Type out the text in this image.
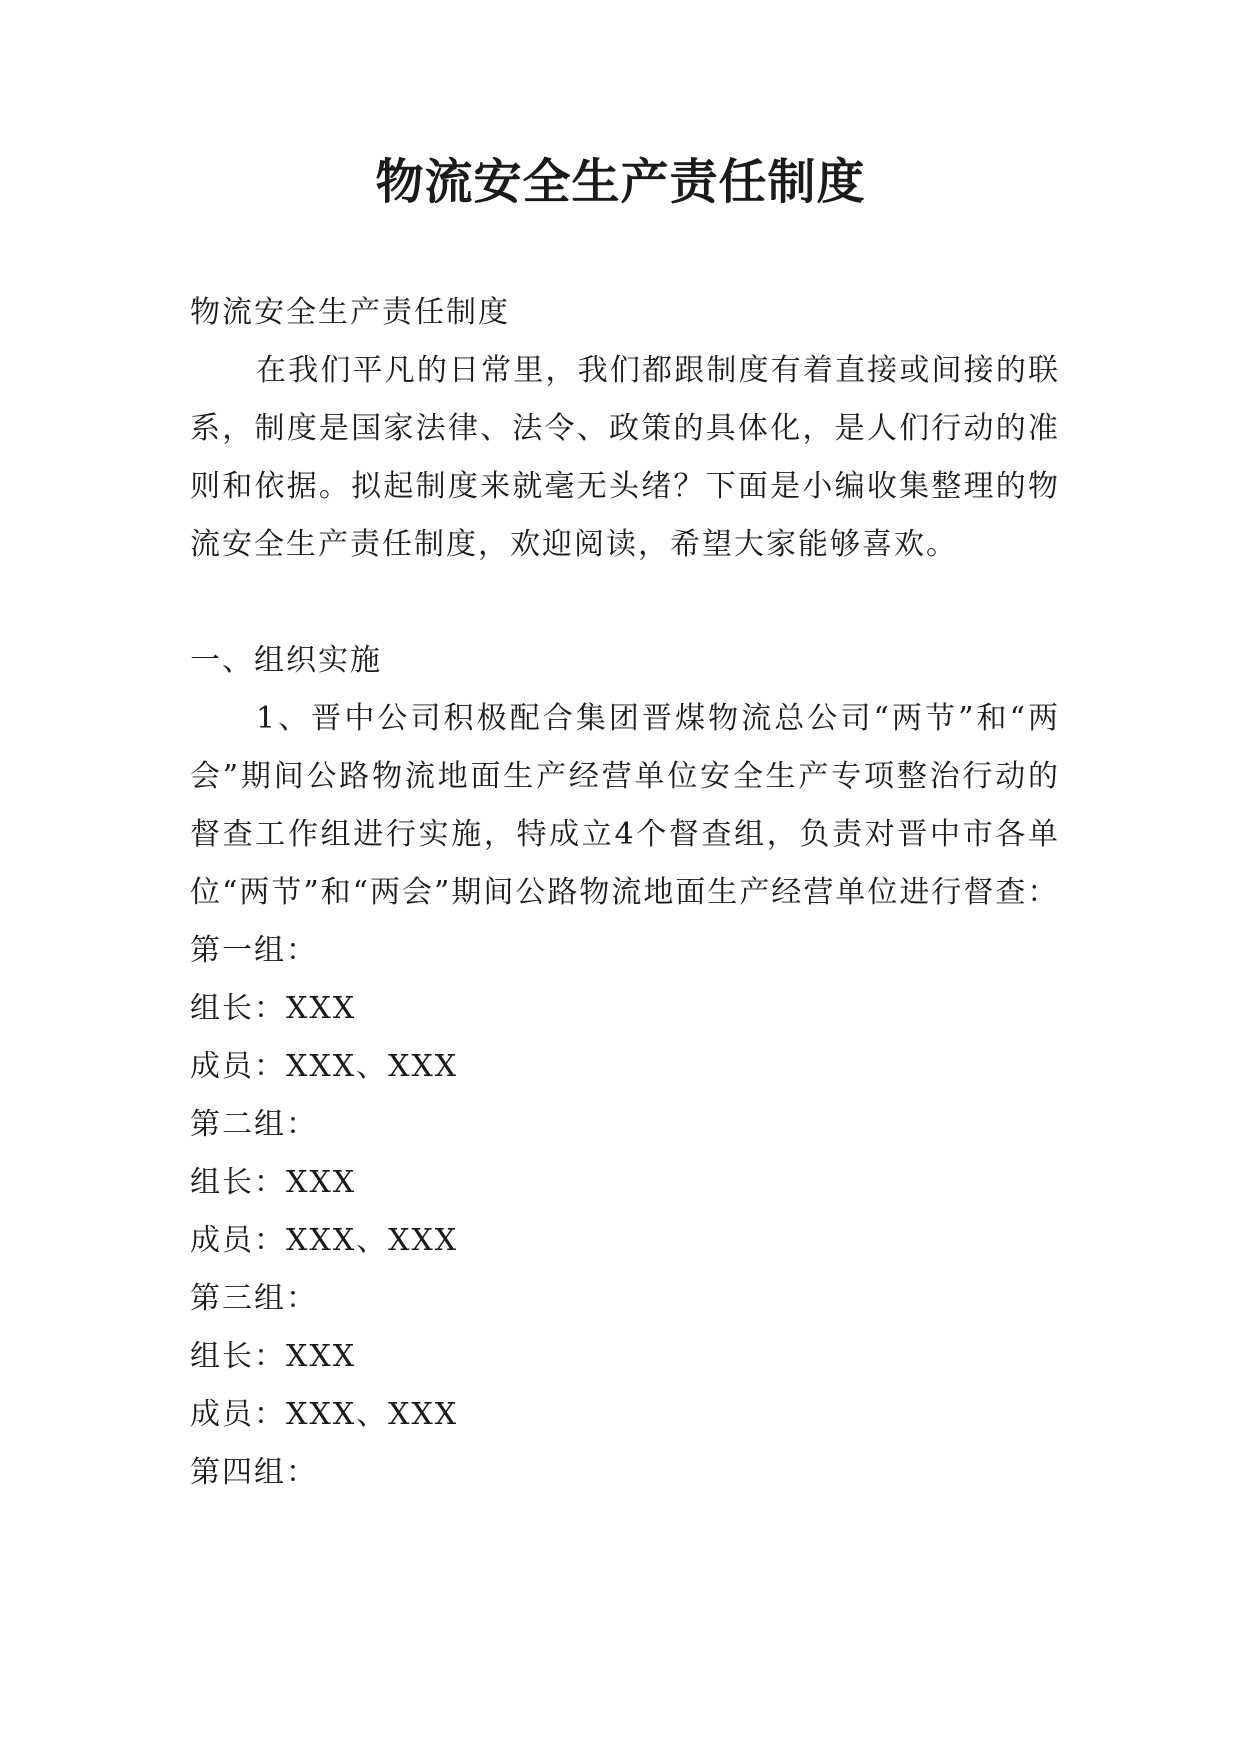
物流安全生产责任制度

物流安全生产责任制度

在我们平凡的日常里，我们都跟制度有着直接或间接的联系，制度是国家法律、法令、政策的具体化，是人们行动的准则和依据。拟起制度来就毫无头绪？下面是小编收集整理的物流安全生产责任制度，欢迎阅读，希望大家能够喜欢。

一、组织实施

1、晋中公司积极配合集团晋煤物流总公司“两节”和“两会”期间公路物流地面生产经营单位安全生产专项整治行动的督查工作组进行实施，特成立4个督查组，负责对晋中市各单位“两节”和“两会”期间公路物流地面生产经营单位进行督查：

第一组：

组长：XXX

成员：XXX、XXX

第二组：

组长：XXX

成员：XXX、XXX

第三组：

组长：XXX

成员：XXX、XXX

第四组：
